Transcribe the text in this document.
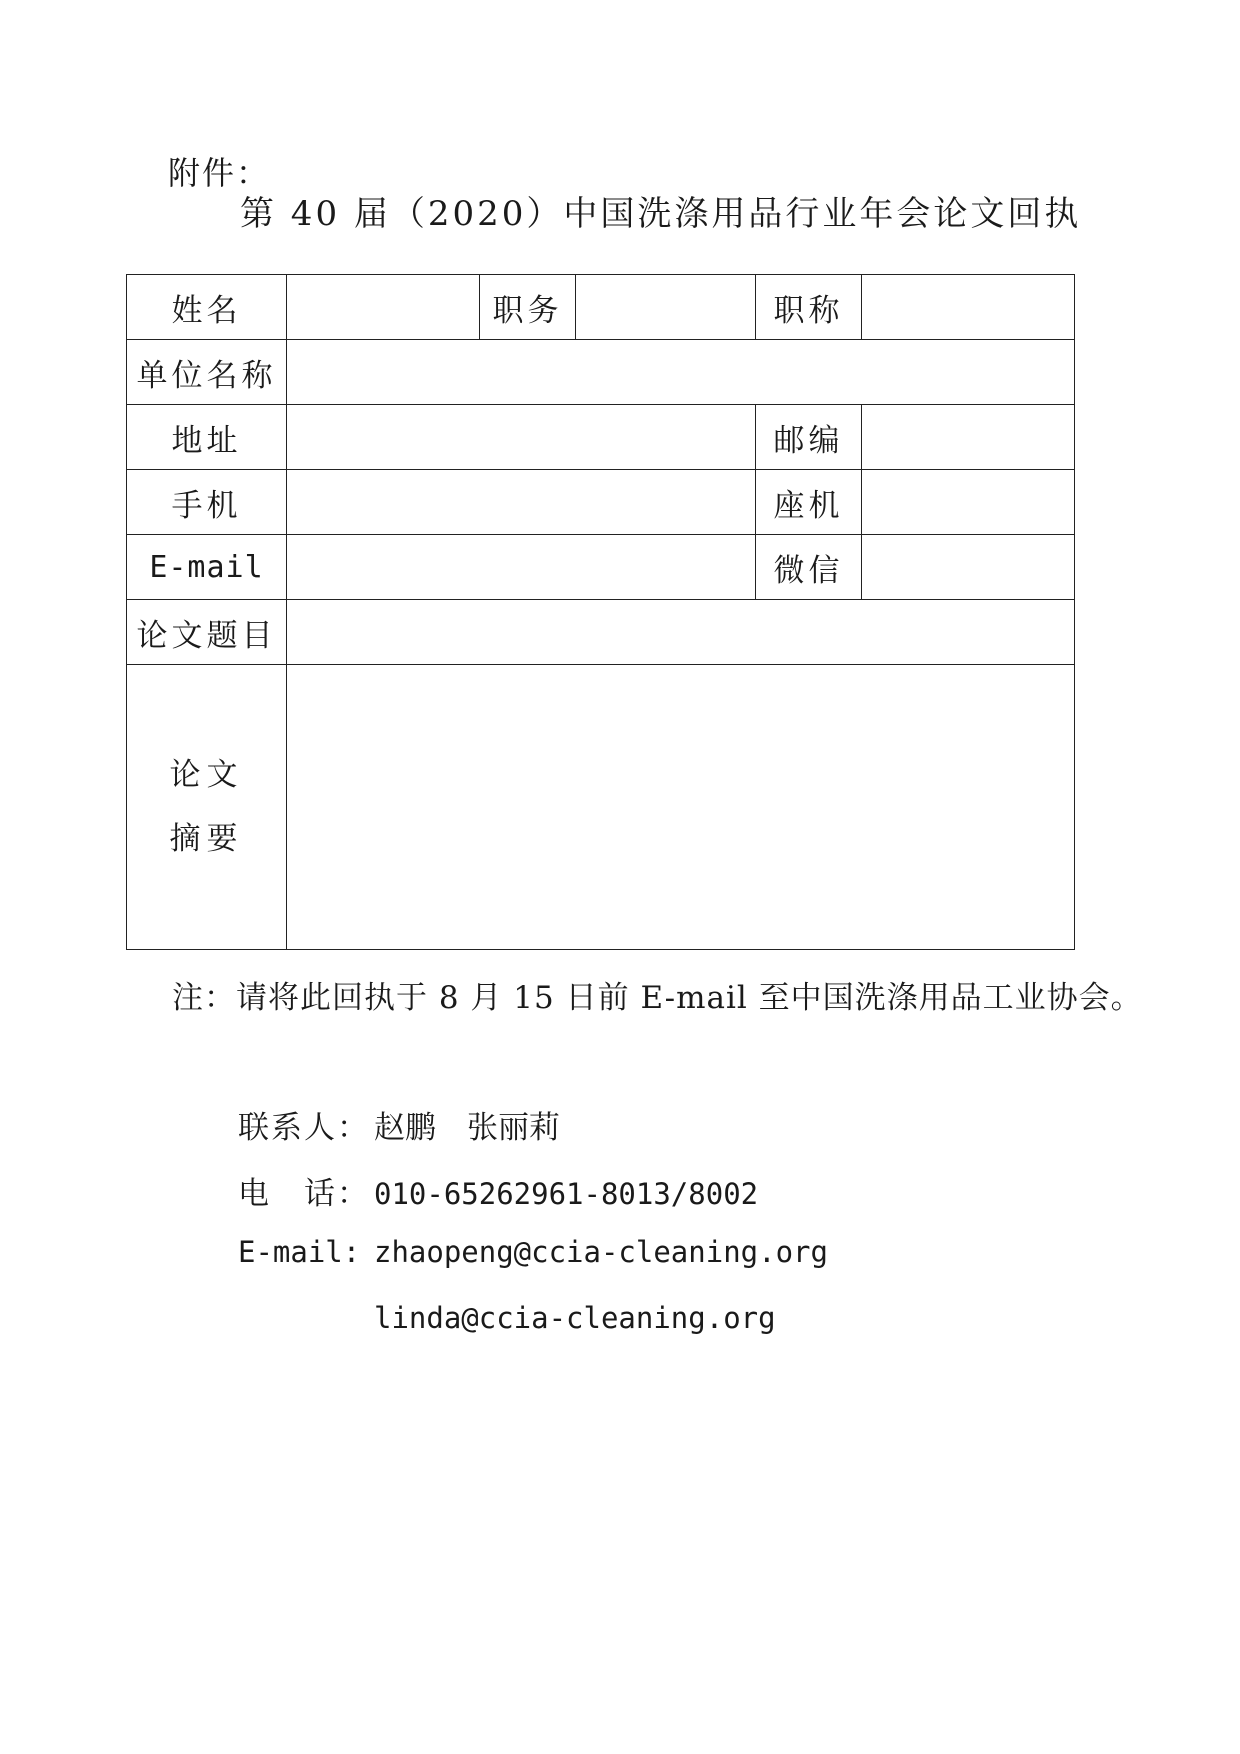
附件：
第 40 届（2020）中国洗涤用品行业年会论文回执
姓名		职务		职称	
单位名称					
地址				邮编	
手机				座机	
E-mail				微信	
论文题目					

论文
摘要					

注：请将此回执于 8 月 15 日前 E-mail 至中国洗涤用品工业协会。
联系人： 赵鹏　张丽莉
电　话： 010-65262961-8013/8002
E-mail: zhaopeng@ccia-cleaning.org
linda@ccia-cleaning.org
